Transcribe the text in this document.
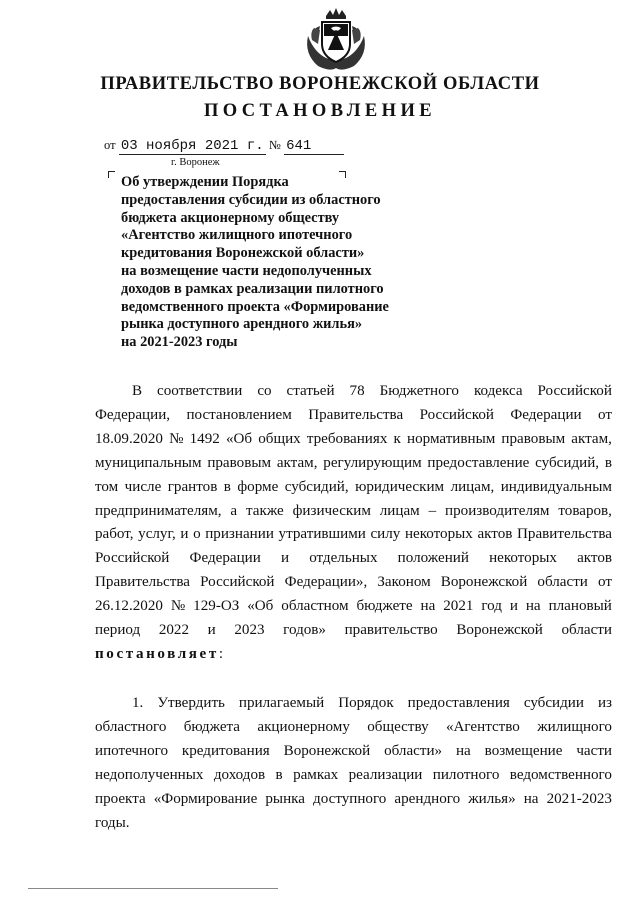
ПРАВИТЕЛЬСТВО ВОРОНЕЖСКОЙ ОБЛАСТИ
ПОСТАНОВЛЕНИЕ
от 03 ноября 2021 г. № 641
г. Воронеж
Об утверждении Порядка
предоставления субсидии из областного
бюджета акционерному обществу
«Агентство жилищного ипотечного
кредитования Воронежской области»
на возмещение части недополученных
доходов в рамках реализации пилотного
ведомственного проекта «Формирование
рынка доступного арендного жилья»
на 2021-2023 годы
В соответствии со статьей 78 Бюджетного кодекса Российской
Федерации, постановлением Правительства Российской Федерации от
18.09.2020 № 1492 «Об общих требованиях к нормативным правовым актам,
муниципальным правовым актам, регулирующим предоставление субсидий, в
том числе грантов в форме субсидий, юридическим лицам, индивидуальным
предпринимателям, а также физическим лицам – производителям товаров,
работ, услуг, и о признании утратившими силу некоторых актов Правительства
Российской Федерации и отдельных положений некоторых актов
Правительства Российской Федерации», Законом Воронежской области от
26.12.2020 № 129-ОЗ «Об областном бюджете на 2021 год и на плановый
период 2022 и 2023 годов» правительство Воронежской области
постановляет :
1. Утвердить прилагаемый Порядок предоставления субсидии из
областного бюджета акционерному обществу «Агентство жилищного
ипотечного кредитования Воронежской области» на возмещение части
недополученных доходов в рамках реализации пилотного ведомственного
проекта «Формирование рынка доступного арендного жилья» на 2021-2023
годы.
